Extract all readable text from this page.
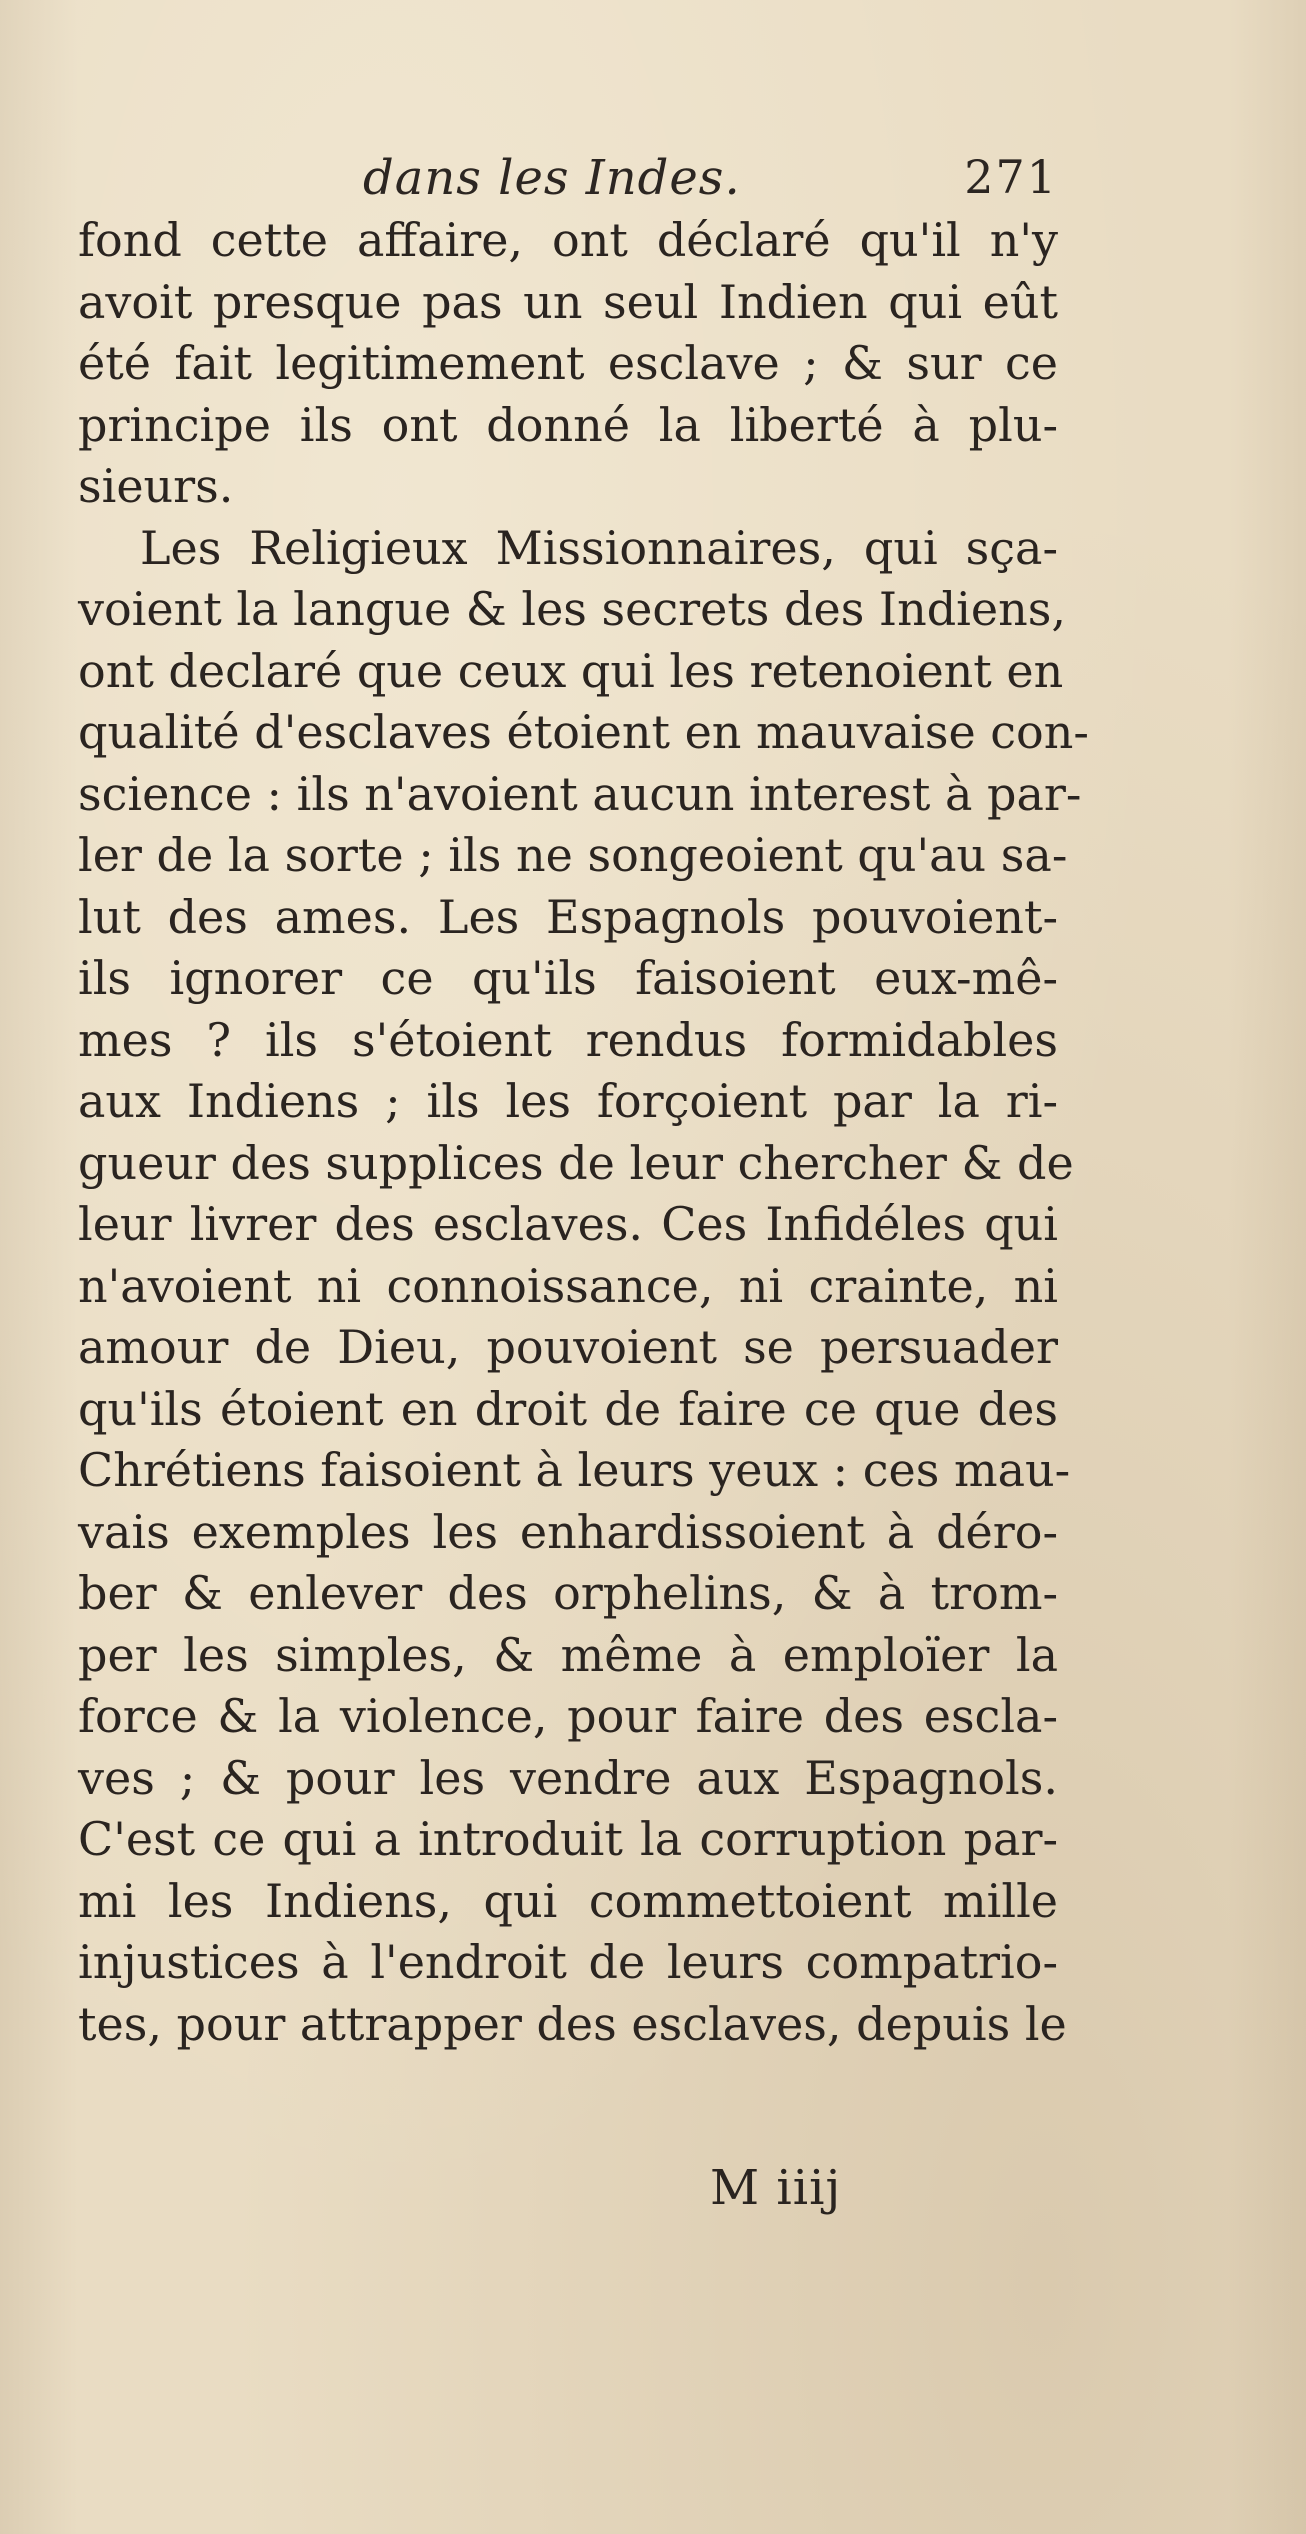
dans les Indes.	271
fond cette affaire, ont déclaré qu'il n'y
avoit presque pas un seul Indien qui eût
été fait legitimement esclave ; & sur ce
principe ils ont donné la liberté à plu-
sieurs.
Les Religieux Missionnaires, qui sça-
voient la langue & les secrets des Indiens,
ont declaré que ceux qui les retenoient en
qualité d'esclaves étoient en mauvaise con-
science : ils n'avoient aucun interest à par-
ler de la sorte ; ils ne songeoient qu'au sa-
lut des ames. Les Espagnols pouvoient-
ils ignorer ce qu'ils faisoient eux-mê-
mes ? ils s'étoient rendus formidables
aux Indiens ; ils les forçoient par la ri-
gueur des supplices de leur chercher & de
leur livrer des esclaves. Ces Infidéles qui
n'avoient ni connoissance, ni crainte, ni
amour de Dieu, pouvoient se persuader
qu'ils étoient en droit de faire ce que des
Chrétiens faisoient à leurs yeux : ces mau-
vais exemples les enhardissoient à déro-
ber & enlever des orphelins, & à trom-
per les simples, & même à emploïer la
force & la violence, pour faire des escla-
ves ; & pour les vendre aux Espagnols.
C'est ce qui a introduit la corruption par-
mi les Indiens, qui commettoient mille
injustices à l'endroit de leurs compatrio-
tes, pour attrapper des esclaves, depuis le
M iiij
